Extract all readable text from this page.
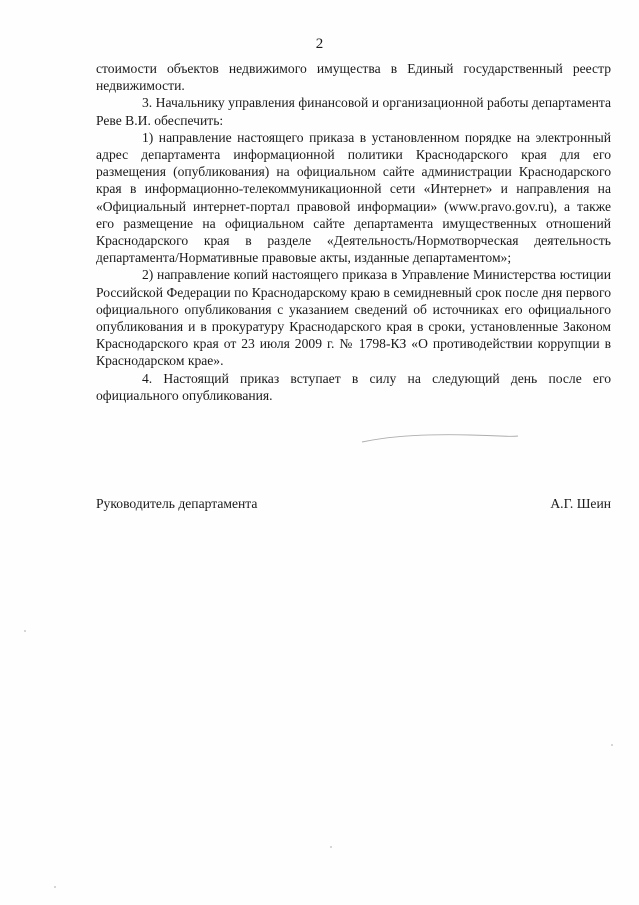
2

стоимости объектов недвижимого имущества в Единый государственный реестр недвижимости.

3. Начальнику управления финансовой и организационной работы департамента Реве В.И. обеспечить:

1) направление настоящего приказа в установленном порядке на электронный адрес департамента информационной политики Краснодарского края для его размещения (опубликования) на официальном сайте администрации Краснодарского края в информационно-телекоммуникационной сети «Интернет» и направления на «Официальный интернет-портал правовой информации» (www.pravo.gov.ru), а также его размещение на официальном сайте департамента имущественных отношений Краснодарского края в разделе «Деятельность/Нормотворческая деятельность департамента/Нормативные правовые акты, изданные департаментом»;

2) направление копий настоящего приказа в Управление Министерства юстиции Российской Федерации по Краснодарскому краю в семидневный срок после дня первого официального опубликования с указанием сведений об источниках его официального опубликования и в прокуратуру Краснодарского края в сроки, установленные Законом Краснодарского края от 23 июля 2009 г. № 1798-КЗ «О противодействии коррупции в Краснодарском крае».

4. Настоящий приказ вступает в силу на следующий день после его официального опубликования.

Руководитель департамента	А.Г. Шеин
